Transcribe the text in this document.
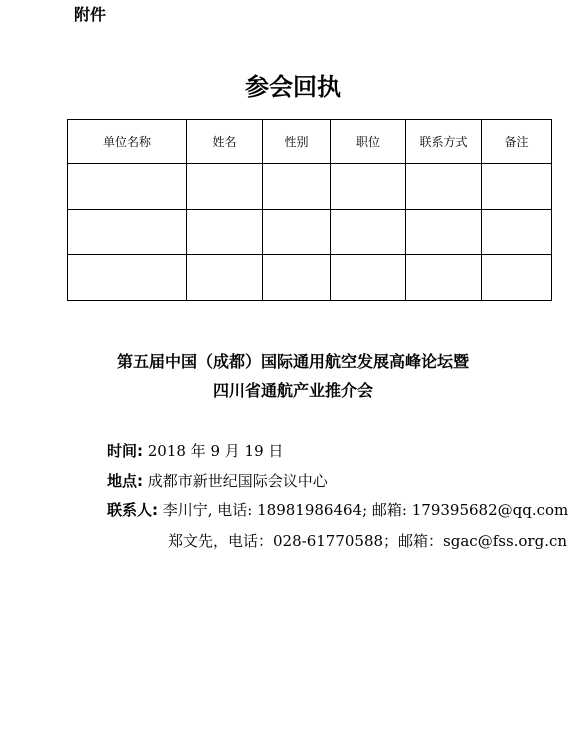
附件
参会回执
单位名称	姓名	性别	职位	联系方式	备注

第五届中国（成都）国际通用航空发展高峰论坛暨
四川省通航产业推介会
时间: 2018 年 9 月 19 日
地点: 成都市新世纪国际会议中心
联系人: 李川宁, 电话: 18981986464; 邮箱: 179395682@qq.com
郑文先，电话：028-61770588；邮箱：sgac@fss.org.cn
